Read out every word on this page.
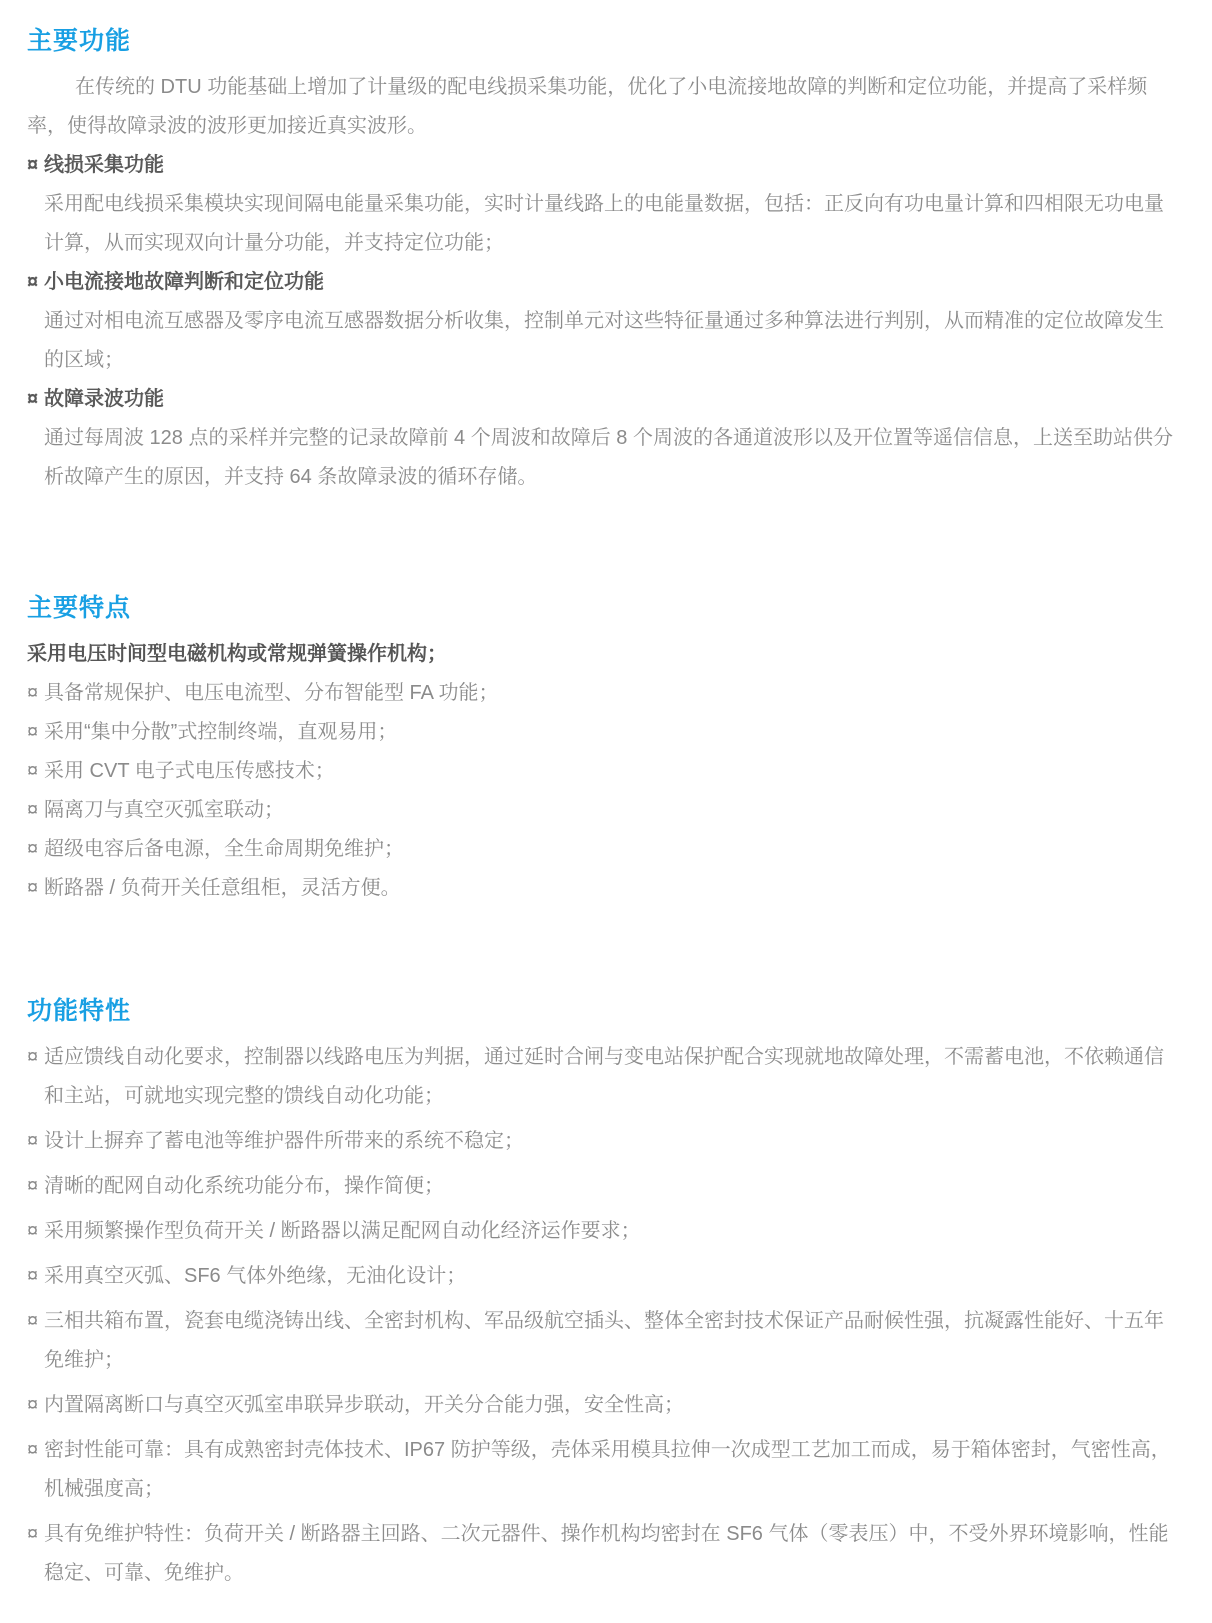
主要功能

在传统的 DTU 功能基础上增加了计量级的配电线损采集功能，优化了小电流接地故障的判断和定位功能，并提高了采样频率，使得故障录波的波形更加接近真实波形。

¤ 线损采集功能

采用配电线损采集模块实现间隔电能量采集功能，实时计量线路上的电能量数据，包括：正反向有功电量计算和四相限无功电量计算，从而实现双向计量分功能，并支持定位功能；

¤ 小电流接地故障判断和定位功能

通过对相电流互感器及零序电流互感器数据分析收集，控制单元对这些特征量通过多种算法进行判别，从而精准的定位故障发生的区域；

¤ 故障录波功能

通过每周波 128 点的采样并完整的记录故障前 4 个周波和故障后 8 个周波的各通道波形以及开位置等遥信信息，上送至助站供分析故障产生的原因，并支持 64 条故障录波的循环存储。

主要特点

采用电压时间型电磁机构或常规弹簧操作机构；

¤ 具备常规保护、电压电流型、分布智能型 FA 功能；
¤ 采用“集中分散”式控制终端，直观易用；
¤ 采用 CVT 电子式电压传感技术；
¤ 隔离刀与真空灭弧室联动；
¤ 超级电容后备电源，全生命周期免维护；
¤ 断路器 / 负荷开关任意组柜，灵活方便。
功能特性
¤ 适应馈线自动化要求，控制器以线路电压为判据，通过延时合闸与变电站保护配合实现就地故障处理，不需蓄电池，不依赖通信和主站，可就地实现完整的馈线自动化功能；
¤ 设计上摒弃了蓄电池等维护器件所带来的系统不稳定；
¤ 清晰的配网自动化系统功能分布，操作简便；
¤ 采用频繁操作型负荷开关 / 断路器以满足配网自动化经济运作要求；
¤ 采用真空灭弧、SF6 气体外绝缘，无油化设计；
¤ 三相共箱布置，瓷套电缆浇铸出线、全密封机构、军品级航空插头、整体全密封技术保证产品耐候性强，抗凝露性能好、十五年免维护；
¤ 内置隔离断口与真空灭弧室串联异步联动，开关分合能力强，安全性高；
¤ 密封性能可靠：具有成熟密封壳体技术、IP67 防护等级，壳体采用模具拉伸一次成型工艺加工而成，易于箱体密封，气密性高，机械强度高；
¤ 具有免维护特性：负荷开关 / 断路器主回路、二次元器件、操作机构均密封在 SF6 气体（零表压）中，不受外界环境影响，性能稳定、可靠、免维护。
